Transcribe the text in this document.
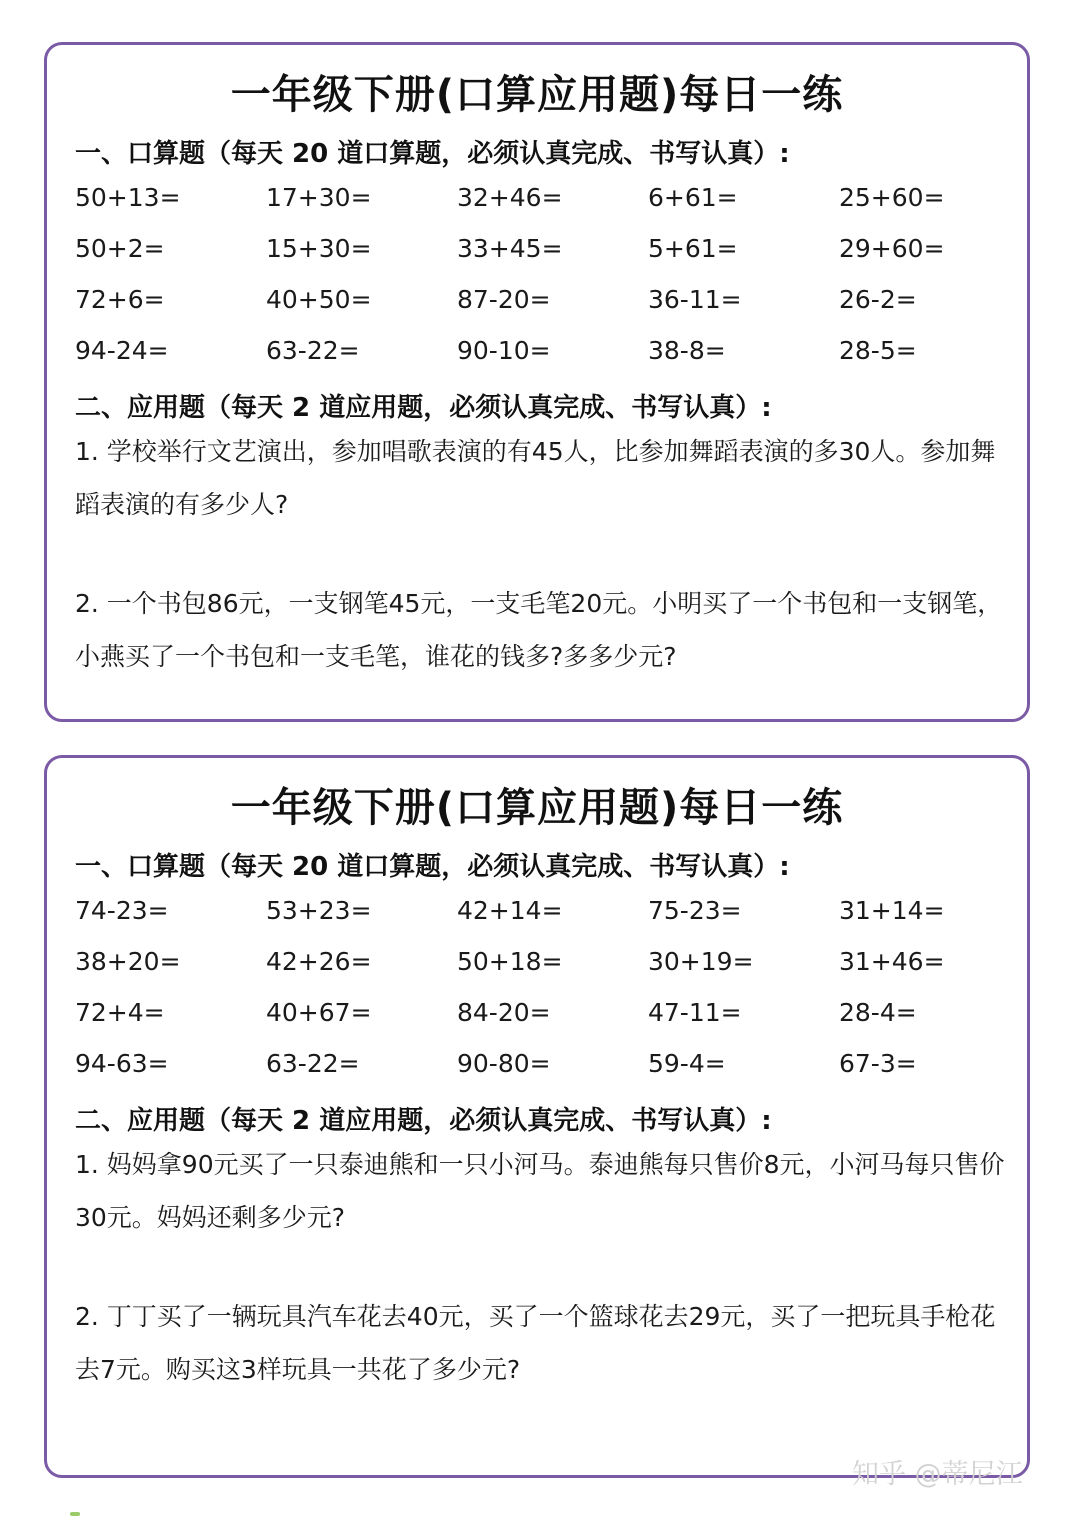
一年级下册(口算应用题)每日一练
一、口算题（每天 20 道口算题，必须认真完成、书写认真）:
50+13=	17+30=	32+46=	6+61=	25+60=
50+2=	15+30=	33+45=	5+61=	29+60=
72+6=	40+50=	87-20=	36-11=	26-2=
94-24=	63-22=	90-10=	38-8=	28-5=
二、应用题（每天 2 道应用题，必须认真完成、书写认真）:
1. 学校举行文艺演出，参加唱歌表演的有45人，比参加舞蹈表演的多30人。参加舞蹈表演的有多少人?
2. 一个书包86元，一支钢笔45元，一支毛笔20元。小明买了一个书包和一支钢笔，小燕买了一个书包和一支毛笔，谁花的钱多?多多少元?
一年级下册(口算应用题)每日一练
一、口算题（每天 20 道口算题，必须认真完成、书写认真）:
74-23=	53+23=	42+14=	75-23=	31+14=
38+20=	42+26=	50+18=	30+19=	31+46=
72+4=	40+67=	84-20=	47-11=	28-4=
94-63=	63-22=	90-80=	59-4=	67-3=
二、应用题（每天 2 道应用题，必须认真完成、书写认真）:
1. 妈妈拿90元买了一只泰迪熊和一只小河马。泰迪熊每只售价8元，小河马每只售价30元。妈妈还剩多少元?
2. 丁丁买了一辆玩具汽车花去40元，买了一个篮球花去29元，买了一把玩具手枪花去7元。购买这3样玩具一共花了多少元?
知乎 @蒂尼江
